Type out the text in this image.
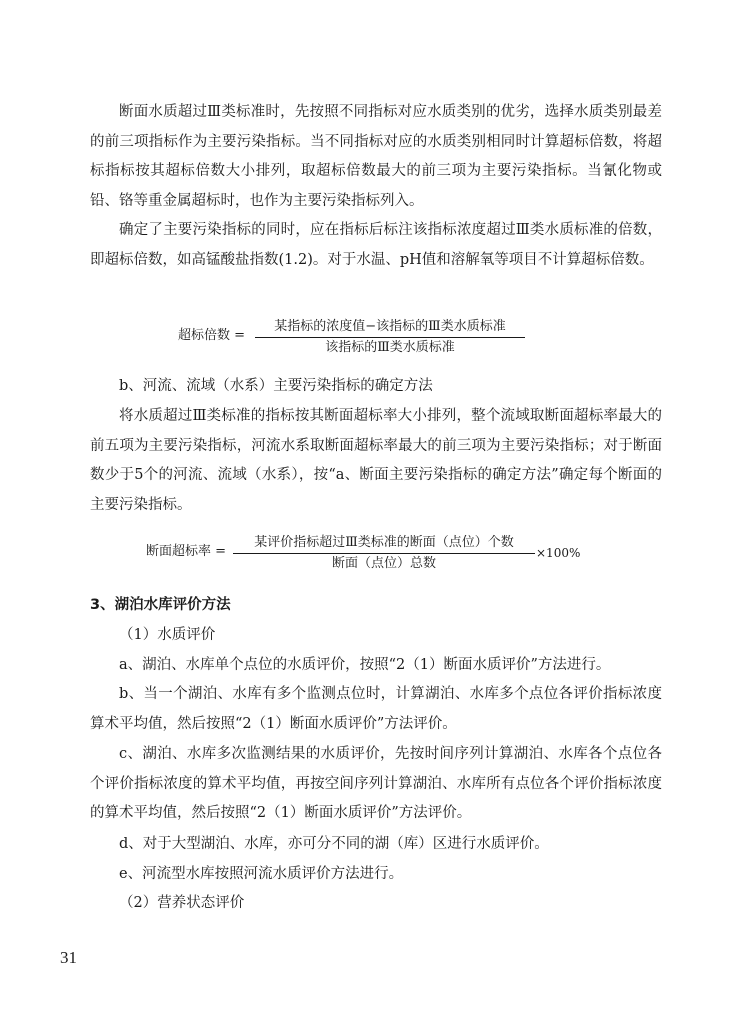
断面水质超过Ⅲ类标准时，先按照不同指标对应水质类别的优劣，选择水质类别最差的前三项指标作为主要污染指标。当不同指标对应的水质类别相同时计算超标倍数，将超标指标按其超标倍数大小排列，取超标倍数最大的前三项为主要污染指标。当氰化物或铅、铬等重金属超标时，也作为主要污染指标列入。

确定了主要污染指标的同时，应在指标后标注该指标浓度超过Ⅲ类水质标准的倍数，即超标倍数，如高锰酸盐指数(1.2)。对于水温、pH值和溶解氧等项目不计算超标倍数。

超标倍数 =
某指标的浓度值−该指标的Ⅲ类水质标准
该指标的Ⅲ类水质标准

b、河流、流域（水系）主要污染指标的确定方法

将水质超过Ⅲ类标准的指标按其断面超标率大小排列，整个流域取断面超标率最大的前五项为主要污染指标，河流水系取断面超标率最大的前三项为主要污染指标；对于断面数少于5个的河流、流域（水系），按“a、断面主要污染指标的确定方法”确定每个断面的主要污染指标。

断面超标率 =
某评价指标超过Ⅲ类标准的断面（点位）个数
断面（点位）总数
×100%

3、湖泊水库评价方法

（1）水质评价

a、湖泊、水库单个点位的水质评价，按照“2（1）断面水质评价”方法进行。

b、当一个湖泊、水库有多个监测点位时，计算湖泊、水库多个点位各评价指标浓度算术平均值，然后按照“2（1）断面水质评价”方法评价。

c、湖泊、水库多次监测结果的水质评价，先按时间序列计算湖泊、水库各个点位各个评价指标浓度的算术平均值，再按空间序列计算湖泊、水库所有点位各个评价指标浓度的算术平均值，然后按照“2（1）断面水质评价”方法评价。

d、对于大型湖泊、水库，亦可分不同的湖（库）区进行水质评价。

e、河流型水库按照河流水质评价方法进行。

（2）营养状态评价

31
